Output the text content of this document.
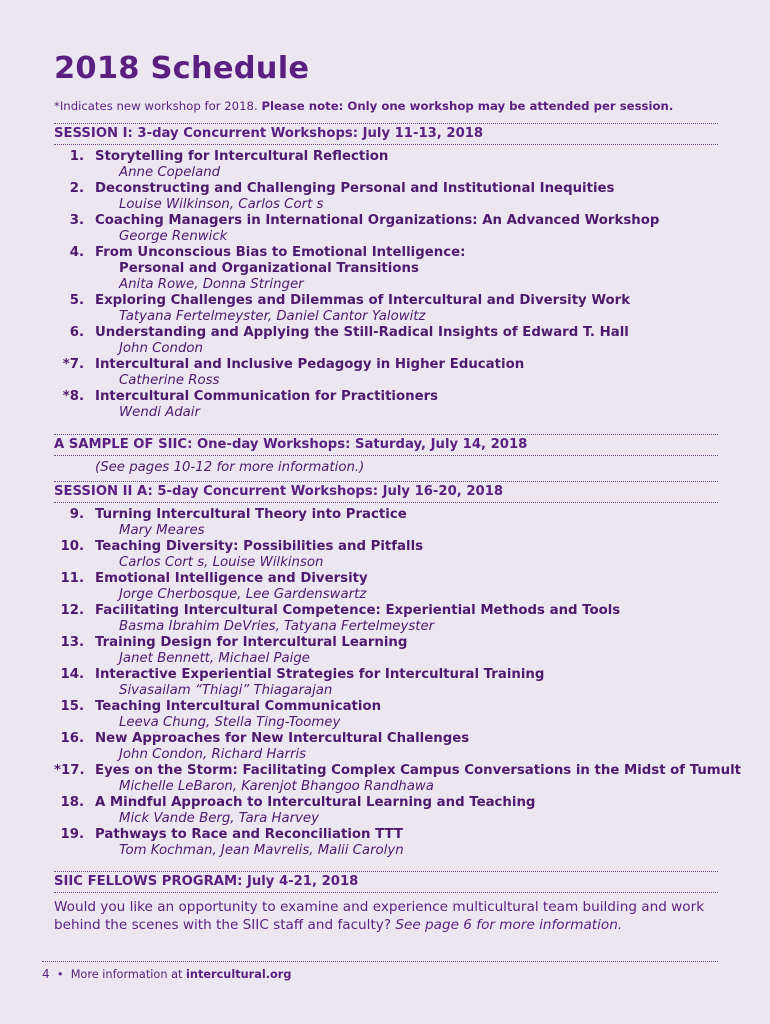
2018 Schedule
*Indicates new workshop for 2018. Please note: Only one workshop may be attended per session.
SESSION I: 3-day Concurrent Workshops: July 11-13, 2018
1. Storytelling for Intercultural Reflection
Anne Copeland
2. Deconstructing and Challenging Personal and Institutional Inequities
Louise Wilkinson, Carlos Cort s
3. Coaching Managers in International Organizations: An Advanced Workshop
George Renwick
4. From Unconscious Bias to Emotional Intelligence:
Personal and Organizational Transitions
Anita Rowe, Donna Stringer
5. Exploring Challenges and Dilemmas of Intercultural and Diversity Work
Tatyana Fertelmeyster, Daniel Cantor Yalowitz
6. Understanding and Applying the Still-Radical Insights of Edward T. Hall
John Condon
*7. Intercultural and Inclusive Pedagogy in Higher Education
Catherine Ross
*8. Intercultural Communication for Practitioners
Wendi Adair
A SAMPLE OF SIIC: One-day Workshops: Saturday, July 14, 2018
(See pages 10-12 for more information.)
SESSION II A: 5-day Concurrent Workshops: July 16-20, 2018
9. Turning Intercultural Theory into Practice
Mary Meares
10. Teaching Diversity: Possibilities and Pitfalls
Carlos Cort s, Louise Wilkinson
11. Emotional Intelligence and Diversity
Jorge Cherbosque, Lee Gardenswartz
12. Facilitating Intercultural Competence: Experiential Methods and Tools
Basma Ibrahim DeVries, Tatyana Fertelmeyster
13. Training Design for Intercultural Learning
Janet Bennett, Michael Paige
14. Interactive Experiential Strategies for Intercultural Training
Sivasailam “Thiagi” Thiagarajan
15. Teaching Intercultural Communication
Leeva Chung, Stella Ting-Toomey
16. New Approaches for New Intercultural Challenges
John Condon, Richard Harris
*17. Eyes on the Storm: Facilitating Complex Campus Conversations in the Midst of Tumult
Michelle LeBaron, Karenjot Bhangoo Randhawa
18. A Mindful Approach to Intercultural Learning and Teaching
Mick Vande Berg, Tara Harvey
19. Pathways to Race and Reconciliation TTT
Tom Kochman, Jean Mavrelis, Malii Carolyn
SIIC FELLOWS PROGRAM: July 4-21, 2018
Would you like an opportunity to examine and experience multicultural team building and work behind the scenes with the SIIC staff and faculty? See page 6 for more information.
4 • More information at intercultural.org
